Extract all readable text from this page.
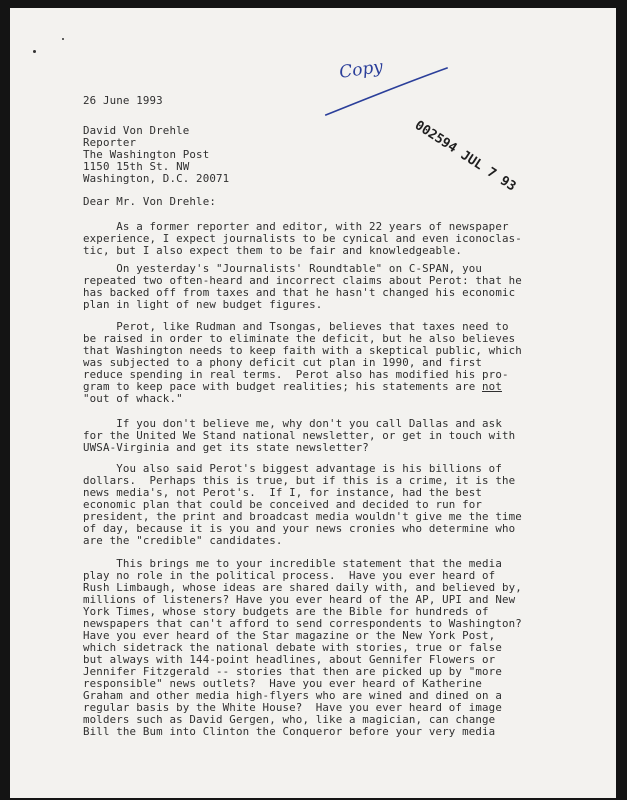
Copy
002594 JUL 7 93
26 June 1993
David Von Drehle
Reporter
The Washington Post
1150 15th St. NW
Washington, D.C. 20071
Dear Mr. Von Drehle:
As a former reporter and editor, with 22 years of newspaper
experience, I expect journalists to be cynical and even iconoclas-
tic, but I also expect them to be fair and knowledgeable.
On yesterday's "Journalists' Roundtable" on C-SPAN, you
repeated two often-heard and incorrect claims about Perot: that he
has backed off from taxes and that he hasn't changed his economic
plan in light of new budget figures.
Perot, like Rudman and Tsongas, believes that taxes need to
be raised in order to eliminate the deficit, but he also believes
that Washington needs to keep faith with a skeptical public, which
was subjected to a phony deficit cut plan in 1990, and first
reduce spending in real terms.  Perot also has modified his pro-
gram to keep pace with budget realities; his statements are not
"out of whack."
If you don't believe me, why don't you call Dallas and ask
for the United We Stand national newsletter, or get in touch with
UWSA-Virginia and get its state newsletter?
You also said Perot's biggest advantage is his billions of
dollars.  Perhaps this is true, but if this is a crime, it is the
news media's, not Perot's.  If I, for instance, had the best
economic plan that could be conceived and decided to run for
president, the print and broadcast media wouldn't give me the time
of day, because it is you and your news cronies who determine who
are the "credible" candidates.
This brings me to your incredible statement that the media
play no role in the political process.  Have you ever heard of
Rush Limbaugh, whose ideas are shared daily with, and believed by,
millions of listeners? Have you ever heard of the AP, UPI and New
York Times, whose story budgets are the Bible for hundreds of
newspapers that can't afford to send correspondents to Washington?
Have you ever heard of the Star magazine or the New York Post,
which sidetrack the national debate with stories, true or false
but always with 144-point headlines, about Gennifer Flowers or
Jennifer Fitzgerald -- stories that then are picked up by "more
responsible" news outlets?  Have you ever heard of Katherine
Graham and other media high-flyers who are wined and dined on a
regular basis by the White House?  Have you ever heard of image
molders such as David Gergen, who, like a magician, can change
Bill the Bum into Clinton the Conqueror before your very media
